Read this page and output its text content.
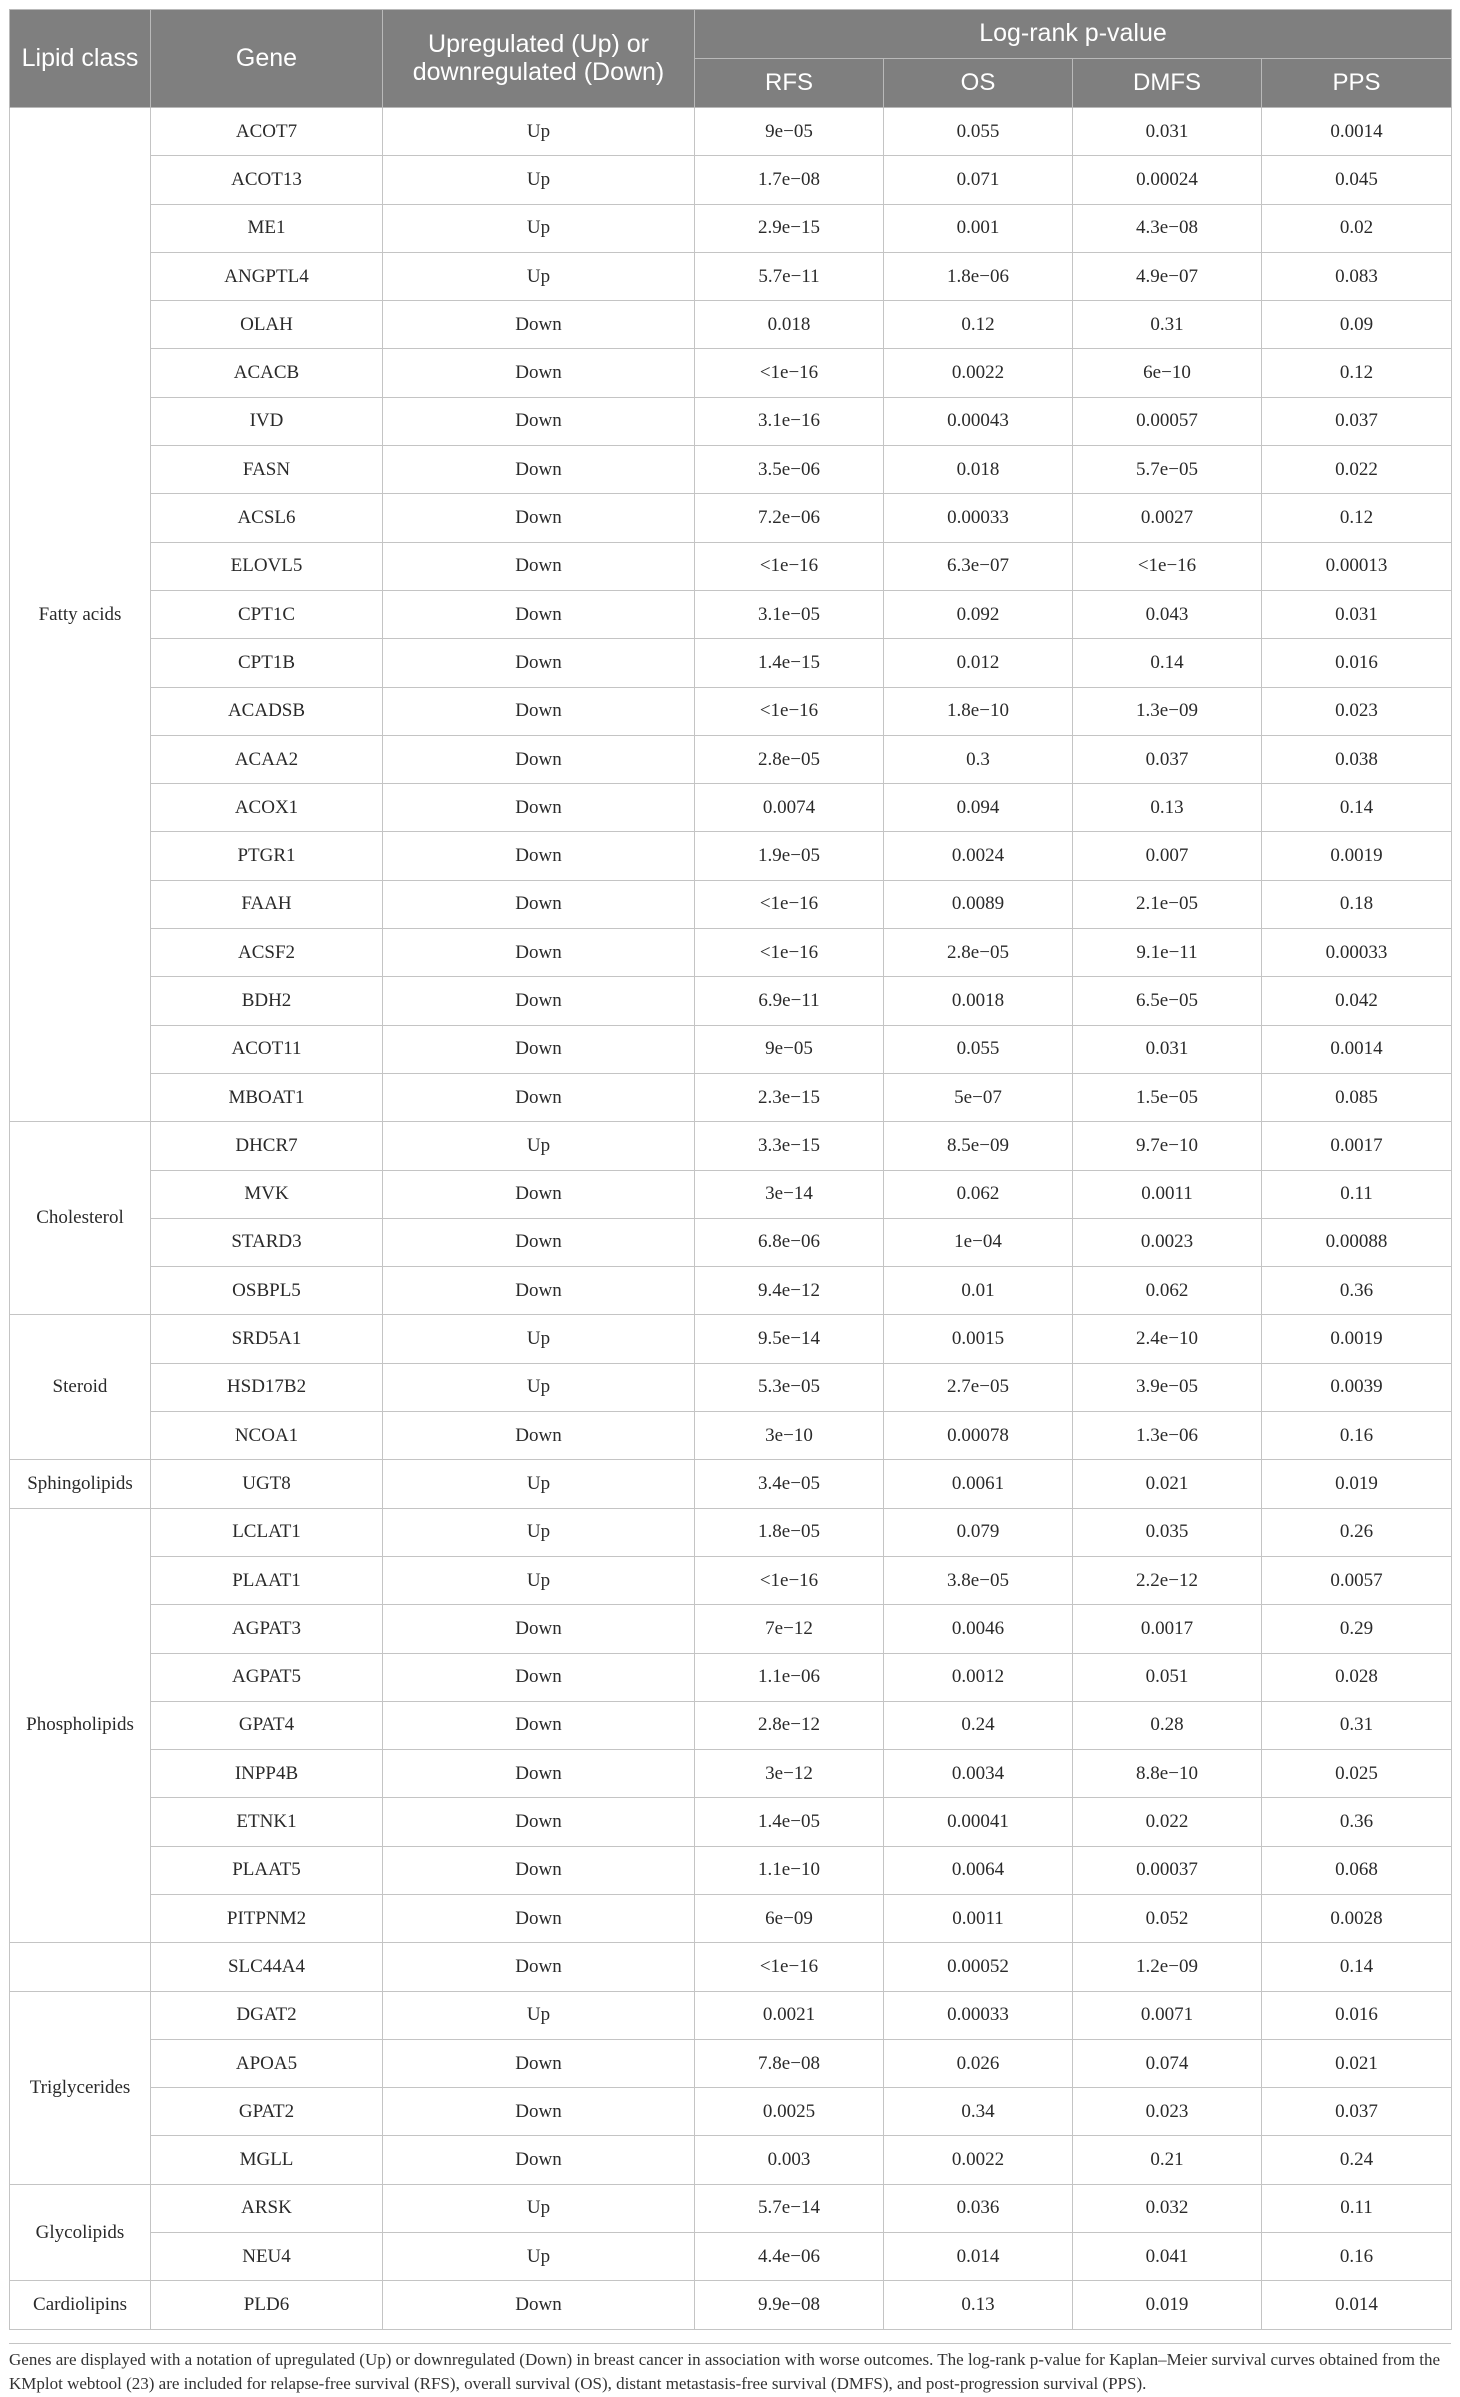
Lipid class	Gene	Upregulated (Up) or downregulated (Down)	Log-rank p-value			
			RFS	OS	DMFS	PPS
Fatty acids	ACOT7	Up	9e−05	0.055	0.031	0.0014
	ACOT13	Up	1.7e−08	0.071	0.00024	0.045
	ME1	Up	2.9e−15	0.001	4.3e−08	0.02
	ANGPTL4	Up	5.7e−11	1.8e−06	4.9e−07	0.083
	OLAH	Down	0.018	0.12	0.31	0.09
	ACACB	Down	<1e−16	0.0022	6e−10	0.12
	IVD	Down	3.1e−16	0.00043	0.00057	0.037
	FASN	Down	3.5e−06	0.018	5.7e−05	0.022
	ACSL6	Down	7.2e−06	0.00033	0.0027	0.12
	ELOVL5	Down	<1e−16	6.3e−07	<1e−16	0.00013
	CPT1C	Down	3.1e−05	0.092	0.043	0.031
	CPT1B	Down	1.4e−15	0.012	0.14	0.016
	ACADSB	Down	<1e−16	1.8e−10	1.3e−09	0.023
	ACAA2	Down	2.8e−05	0.3	0.037	0.038
	ACOX1	Down	0.0074	0.094	0.13	0.14
	PTGR1	Down	1.9e−05	0.0024	0.007	0.0019
	FAAH	Down	<1e−16	0.0089	2.1e−05	0.18
	ACSF2	Down	<1e−16	2.8e−05	9.1e−11	0.00033
	BDH2	Down	6.9e−11	0.0018	6.5e−05	0.042
	ACOT11	Down	9e−05	0.055	0.031	0.0014
	MBOAT1	Down	2.3e−15	5e−07	1.5e−05	0.085
Cholesterol	DHCR7	Up	3.3e−15	8.5e−09	9.7e−10	0.0017
	MVK	Down	3e−14	0.062	0.0011	0.11
	STARD3	Down	6.8e−06	1e−04	0.0023	0.00088
	OSBPL5	Down	9.4e−12	0.01	0.062	0.36
Steroid	SRD5A1	Up	9.5e−14	0.0015	2.4e−10	0.0019
	HSD17B2	Up	5.3e−05	2.7e−05	3.9e−05	0.0039
	NCOA1	Down	3e−10	0.00078	1.3e−06	0.16
Sphingolipids	UGT8	Up	3.4e−05	0.0061	0.021	0.019
Phospholipids	LCLAT1	Up	1.8e−05	0.079	0.035	0.26
	PLAAT1	Up	<1e−16	3.8e−05	2.2e−12	0.0057
	AGPAT3	Down	7e−12	0.0046	0.0017	0.29
	AGPAT5	Down	1.1e−06	0.0012	0.051	0.028
	GPAT4	Down	2.8e−12	0.24	0.28	0.31
	INPP4B	Down	3e−12	0.0034	8.8e−10	0.025
	ETNK1	Down	1.4e−05	0.00041	0.022	0.36
	PLAAT5	Down	1.1e−10	0.0064	0.00037	0.068
	PITPNM2	Down	6e−09	0.0011	0.052	0.0028
	SLC44A4	Down	<1e−16	0.00052	1.2e−09	0.14
Triglycerides	DGAT2	Up	0.0021	0.00033	0.0071	0.016
	APOA5	Down	7.8e−08	0.026	0.074	0.021
	GPAT2	Down	0.0025	0.34	0.023	0.037
	MGLL	Down	0.003	0.0022	0.21	0.24
Glycolipids	ARSK	Up	5.7e−14	0.036	0.032	0.11
	NEU4	Up	4.4e−06	0.014	0.041	0.16
Cardiolipins	PLD6	Down	9.9e−08	0.13	0.019	0.014
Genes are displayed with a notation of upregulated (Up) or downregulated (Down) in breast cancer in association with worse outcomes. The log-rank p-value for Kaplan–Meier survival curves obtained from the KMplot webtool (23) are included for relapse-free survival (RFS), overall survival (OS), distant metastasis-free survival (DMFS), and post-progression survival (PPS).
